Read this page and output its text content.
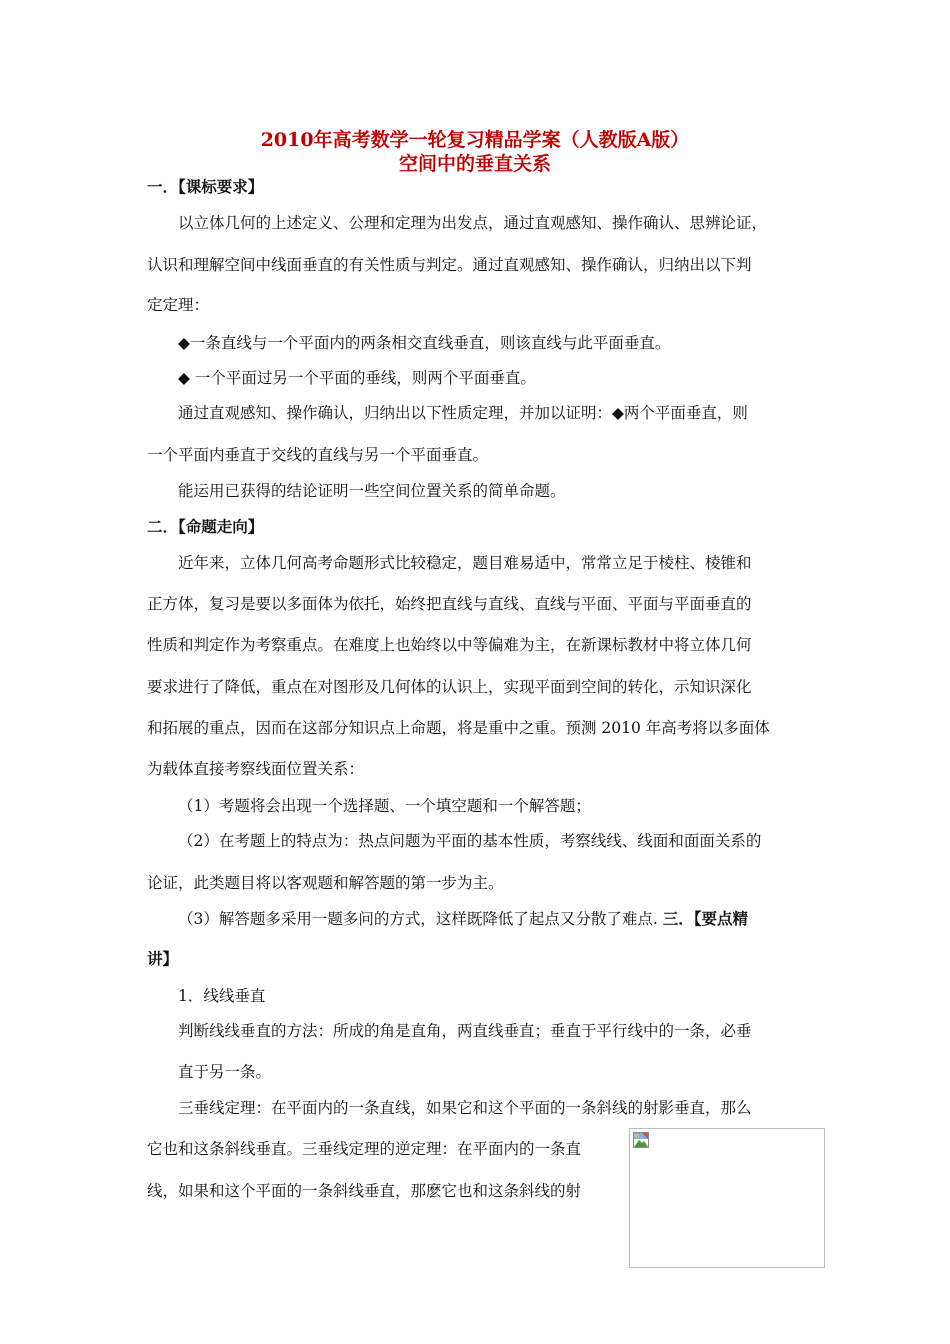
2010年高考数学一轮复习精品学案（人教版A版）

空间中的垂直关系

一．【课标要求】

以立体几何的上述定义、公理和定理为出发点，通过直观感知、操作确认、思辨论证，

认识和理解空间中线面垂直的有关性质与判定。通过直观感知、操作确认，归纳出以下判

定定理：

◆一条直线与一个平面内的两条相交直线垂直，则该直线与此平面垂直。

◆ 一个平面过另一个平面的垂线，则两个平面垂直。

通过直观感知、操作确认，归纳出以下性质定理，并加以证明：◆两个平面垂直，则

一个平面内垂直于交线的直线与另一个平面垂直。

能运用已获得的结论证明一些空间位置关系的简单命题。

二．【命题走向】

近年来，立体几何高考命题形式比较稳定，题目难易适中，常常立足于棱柱、棱锥和

正方体，复习是要以多面体为依托，始终把直线与直线、直线与平面、平面与平面垂直的

性质和判定作为考察重点。在难度上也始终以中等偏难为主，在新课标教材中将立体几何

要求进行了降低，重点在对图形及几何体的认识上，实现平面到空间的转化，示知识深化

和拓展的重点，因而在这部分知识点上命题，将是重中之重。预测 2010 年高考将以多面体

为载体直接考察线面位置关系：

（1）考题将会出现一个选择题、一个填空题和一个解答题；

（2）在考题上的特点为：热点问题为平面的基本性质，考察线线、线面和面面关系的

论证，此类题目将以客观题和解答题的第一步为主。

（3）解答题多采用一题多问的方式，这样既降低了起点又分散了难点. 三．【要点精

讲】

1．线线垂直

判断线线垂直的方法：所成的角是直角，两直线垂直；垂直于平行线中的一条，必垂

直于另一条。

三垂线定理：在平面内的一条直线，如果它和这个平面的一条斜线的射影垂直，那么

它也和这条斜线垂直。三垂线定理的逆定理：在平面内的一条直

线，如果和这个平面的一条斜线垂直，那麽它也和这条斜线的射
